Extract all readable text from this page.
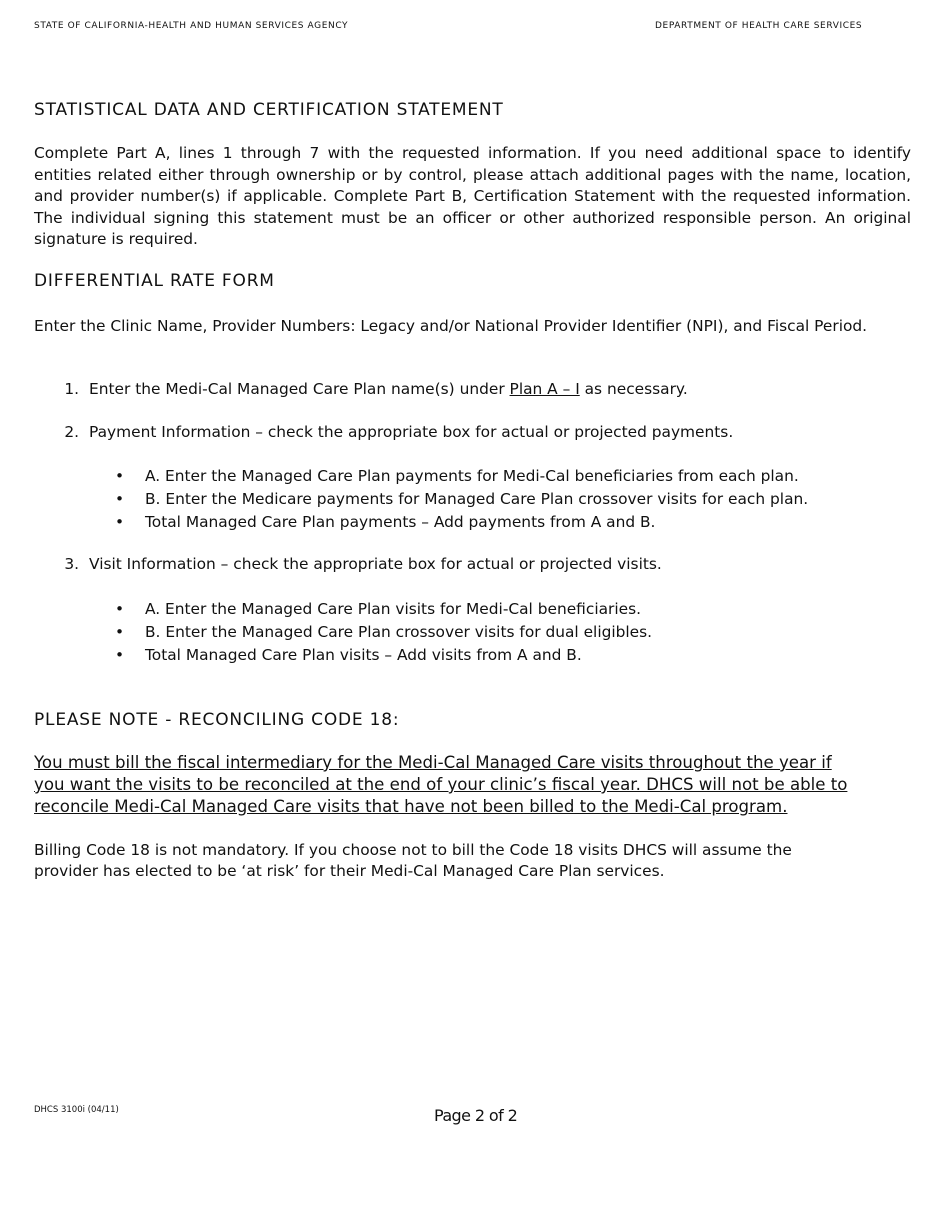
STATE OF CALIFORNIA-HEALTH AND HUMAN SERVICES AGENCY	DEPARTMENT OF HEALTH CARE SERVICES
STATISTICAL DATA AND CERTIFICATION STATEMENT
Complete Part A, lines 1 through 7 with the requested information. If you need additional space to identify entities related either through ownership or by control, please attach additional pages with the name, location, and provider number(s) if applicable. Complete Part B, Certification Statement with the requested information. The individual signing this statement must be an officer or other authorized responsible person. An original signature is required.
DIFFERENTIAL RATE FORM
Enter the Clinic Name, Provider Numbers: Legacy and/or National Provider Identifier (NPI), and Fiscal Period.
1. Enter the Medi-Cal Managed Care Plan name(s) under Plan A – I as necessary.
2. Payment Information – check the appropriate box for actual or projected payments.
• A. Enter the Managed Care Plan payments for Medi-Cal beneficiaries from each plan.
• B. Enter the Medicare payments for Managed Care Plan crossover visits for each plan.
• Total Managed Care Plan payments – Add payments from A and B.
3. Visit Information – check the appropriate box for actual or projected visits.
• A. Enter the Managed Care Plan visits for Medi-Cal beneficiaries.
• B. Enter the Managed Care Plan crossover visits for dual eligibles.
• Total Managed Care Plan visits – Add visits from A and B.
PLEASE NOTE - RECONCILING CODE 18:
You must bill the fiscal intermediary for the Medi-Cal Managed Care visits throughout the year if
you want the visits to be reconciled at the end of your clinic’s fiscal year. DHCS will not be able to
reconcile Medi-Cal Managed Care visits that have not been billed to the Medi-Cal program.
Billing Code 18 is not mandatory. If you choose not to bill the Code 18 visits DHCS will assume the
provider has elected to be ‘at risk’ for their Medi-Cal Managed Care Plan services.
DHCS 3100i (04/11)	Page 2 of 2
